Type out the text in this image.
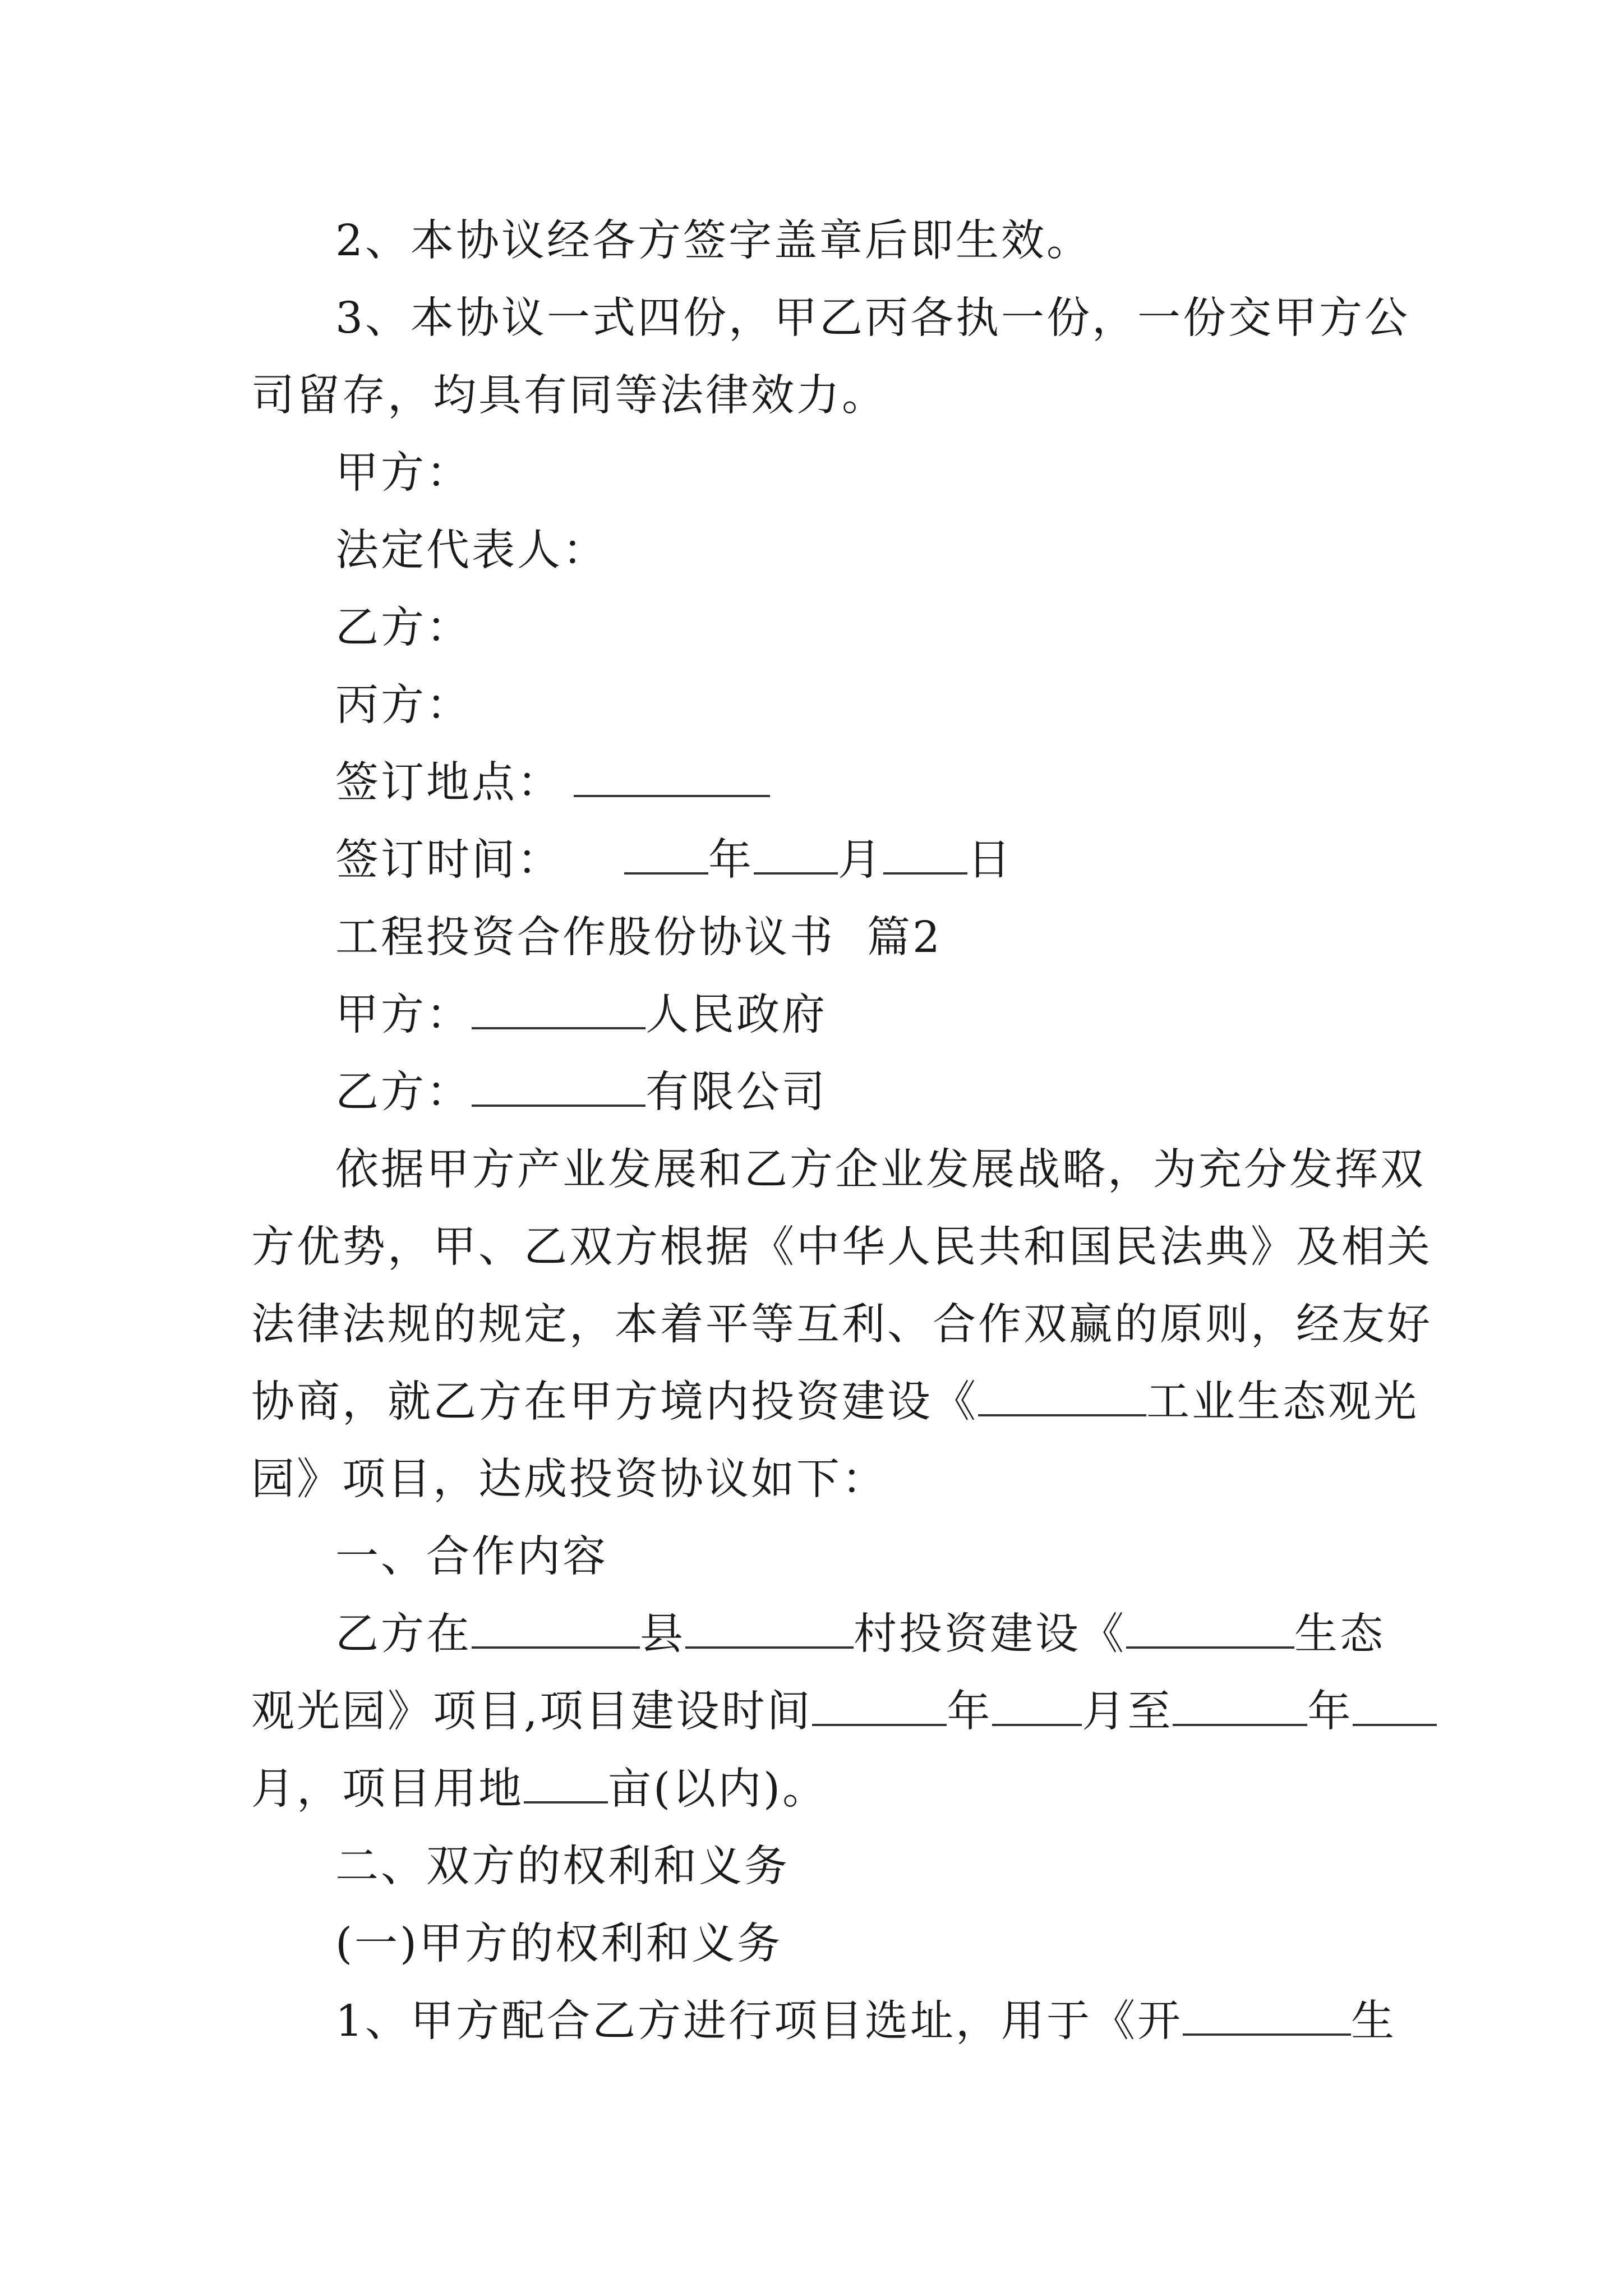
2、本协议经各方签字盖章后即生效。
3、本协议一式四份，甲乙丙各执一份，一份交甲方公
司留存，均具有同等法律效力。
甲方：
法定代表人：
乙方：
丙方：
签订地点：
签订时间：	年 月 日
工程投资合作股份协议书  篇2
甲方：	人民政府
乙方：	有限公司
依据甲方产业发展和乙方企业发展战略，为充分发挥双
方优势，甲、乙双方根据《中华人民共和国民法典》及相关
法律法规的规定，本着平等互利、合作双赢的原则，经友好
协商，就乙方在甲方境内投资建设《	工业生态观光
园》项目，达成投资协议如下：
一、合作内容
乙方在	县	村投资建设《	生态
观光园》项目,项目建设时间	年 月至	年
月，项目用地 亩(以内)。
二、双方的权利和义务
(一)甲方的权利和义务
1、甲方配合乙方进行项目选址，用于《开	生
